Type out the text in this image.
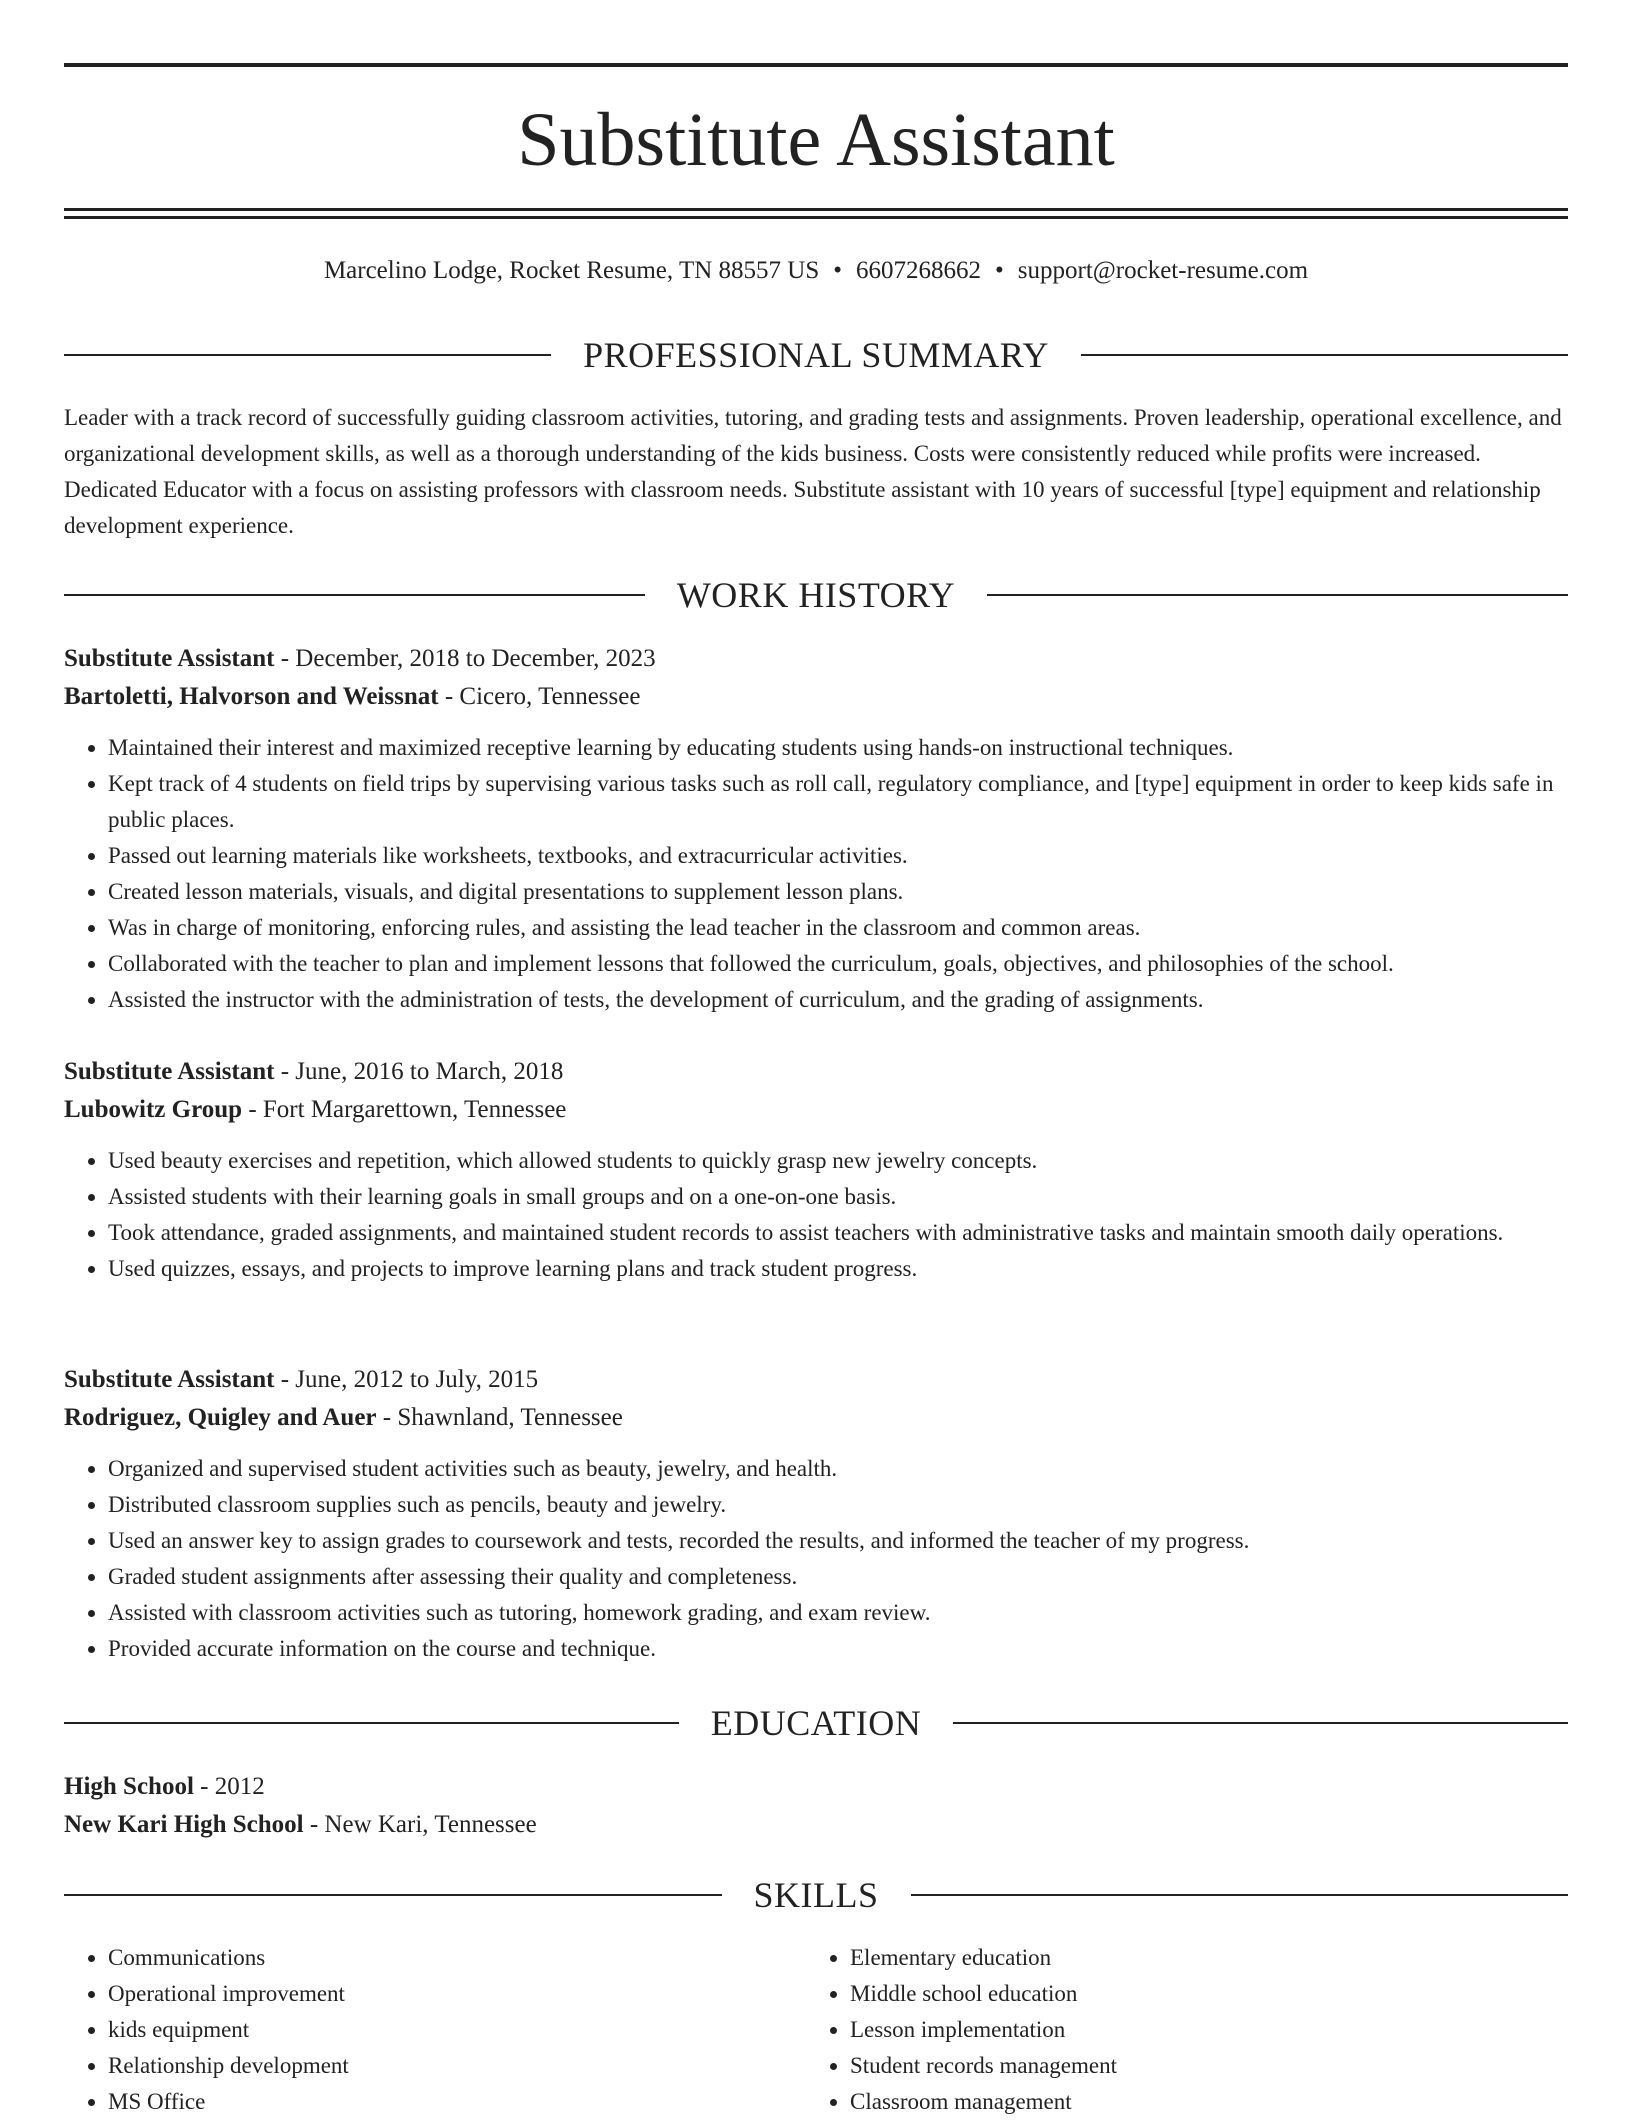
Substitute Assistant
Marcelino Lodge, Rocket Resume, TN 88557 US • 6607268662 • support@rocket-resume.com
PROFESSIONAL SUMMARY
Leader with a track record of successfully guiding classroom activities, tutoring, and grading tests and assignments. Proven leadership, operational excellence, and organizational development skills, as well as a thorough understanding of the kids business. Costs were consistently reduced while profits were increased. Dedicated Educator with a focus on assisting professors with classroom needs. Substitute assistant with 10 years of successful [type] equipment and relationship development experience.
WORK HISTORY
Substitute Assistant - December, 2018 to December, 2023
Bartoletti, Halvorson and Weissnat - Cicero, Tennessee
• Maintained their interest and maximized receptive learning by educating students using hands-on instructional techniques.
• Kept track of 4 students on field trips by supervising various tasks such as roll call, regulatory compliance, and [type] equipment in order to keep kids safe in public places.
• Passed out learning materials like worksheets, textbooks, and extracurricular activities.
• Created lesson materials, visuals, and digital presentations to supplement lesson plans.
• Was in charge of monitoring, enforcing rules, and assisting the lead teacher in the classroom and common areas.
• Collaborated with the teacher to plan and implement lessons that followed the curriculum, goals, objectives, and philosophies of the school.
• Assisted the instructor with the administration of tests, the development of curriculum, and the grading of assignments.
Substitute Assistant - June, 2016 to March, 2018
Lubowitz Group - Fort Margarettown, Tennessee
• Used beauty exercises and repetition, which allowed students to quickly grasp new jewelry concepts.
• Assisted students with their learning goals in small groups and on a one-on-one basis.
• Took attendance, graded assignments, and maintained student records to assist teachers with administrative tasks and maintain smooth daily operations.
• Used quizzes, essays, and projects to improve learning plans and track student progress.
Substitute Assistant - June, 2012 to July, 2015
Rodriguez, Quigley and Auer - Shawnland, Tennessee
• Organized and supervised student activities such as beauty, jewelry, and health.
• Distributed classroom supplies such as pencils, beauty and jewelry.
• Used an answer key to assign grades to coursework and tests, recorded the results, and informed the teacher of my progress.
• Graded student assignments after assessing their quality and completeness.
• Assisted with classroom activities such as tutoring, homework grading, and exam review.
• Provided accurate information on the course and technique.
EDUCATION
High School - 2012
New Kari High School - New Kari, Tennessee
SKILLS
• Communications
• Operational improvement
• kids equipment
• Relationship development
• MS Office
• Elementary education
• Middle school education
• Lesson implementation
• Student records management
• Classroom management
